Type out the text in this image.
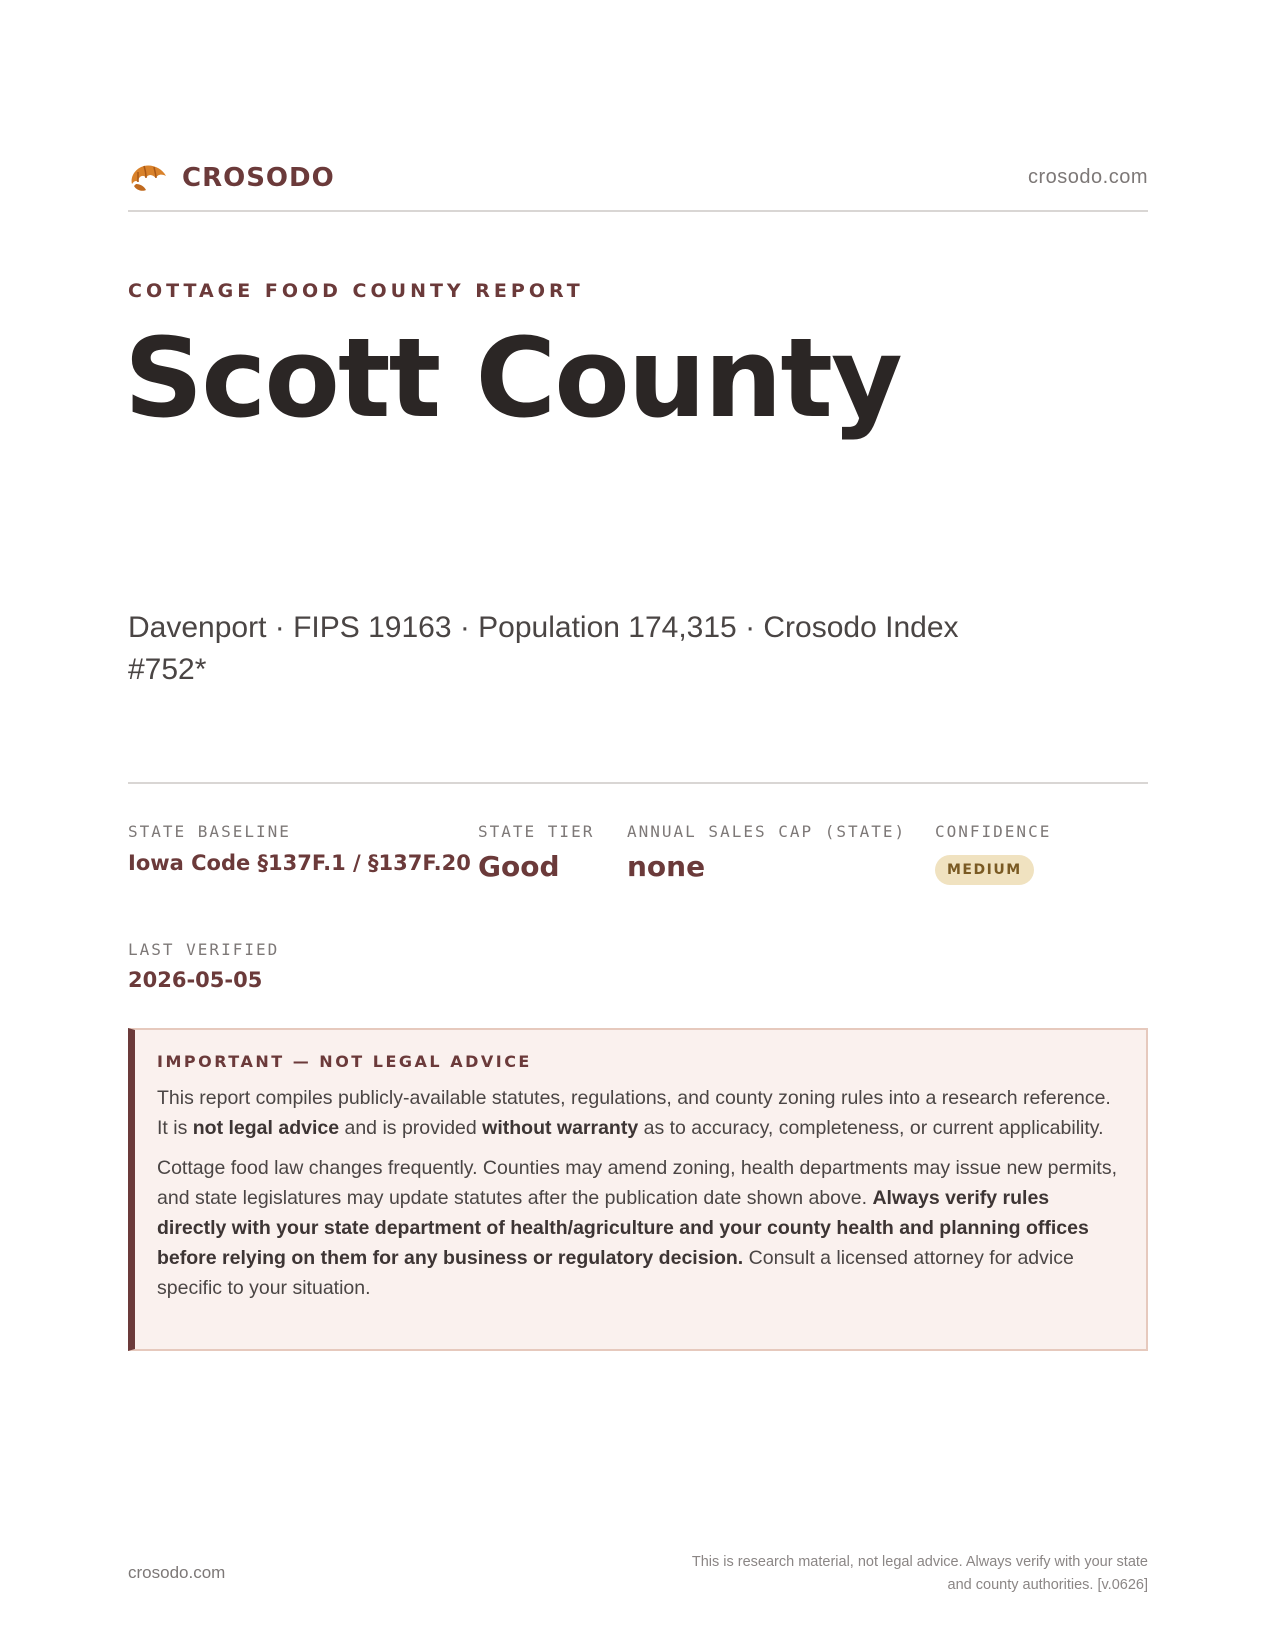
CROSODO	crosodo.com
COTTAGE FOOD COUNTY REPORT
Scott County
Davenport · FIPS 19163 · Population 174,315 · Crosodo Index #752*
STATE BASELINE
Iowa Code §137F.1 / §137F.20
STATE TIER
Good
ANNUAL SALES CAP (STATE)
none
CONFIDENCE
MEDIUM
LAST VERIFIED
2026-05-05
IMPORTANT — NOT LEGAL ADVICE

This report compiles publicly-available statutes, regulations, and county zoning rules into a research reference. It is not legal advice and is provided without warranty as to accuracy, completeness, or current applicability.

Cottage food law changes frequently. Counties may amend zoning, health departments may issue new permits, and state legislatures may update statutes after the publication date shown above. Always verify rules directly with your state department of health/agriculture and your county health and planning offices before relying on them for any business or regulatory decision. Consult a licensed attorney for advice specific to your situation.

crosodo.com
This is research material, not legal advice. Always verify with your state
and county authorities. [v.0626]
